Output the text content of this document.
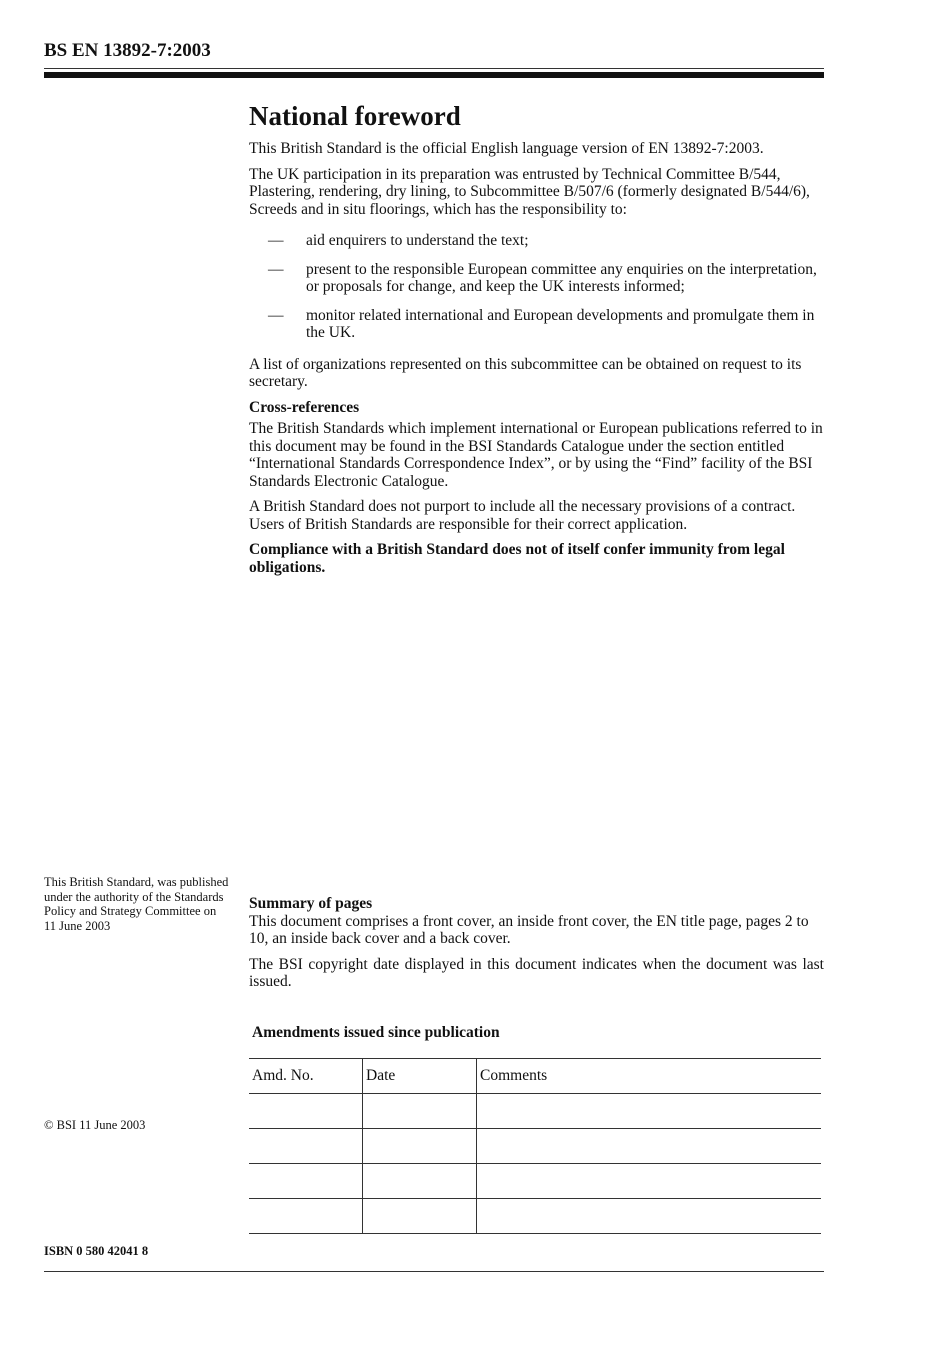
BS EN 13892-7:2003
National foreword

This British Standard is the official English language version of EN 13892-7:2003.

The UK participation in its preparation was entrusted by Technical Committee B/544, Plastering, rendering, dry lining, to Subcommittee B/507/6 (formerly designated B/544/6), Screeds and in situ floorings, which has the responsibility to:

— aid enquirers to understand the text;
— present to the responsible European committee any enquiries on the interpretation, or proposals for change, and keep the UK interests informed;
— monitor related international and European developments and promulgate them in the UK.

A list of organizations represented on this subcommittee can be obtained on request to its secretary.

Cross-references

The British Standards which implement international or European publications referred to in this document may be found in the BSI Standards Catalogue under the section entitled “International Standards Correspondence Index”, or by using the “Find” facility of the BSI Standards Electronic Catalogue.

A British Standard does not purport to include all the necessary provisions of a contract. Users of British Standards are responsible for their correct application.

Compliance with a British Standard does not of itself confer immunity from legal obligations.

This British Standard, was published under the authority of the Standards Policy and Strategy Committee on 11 June 2003

Summary of pages

This document comprises a front cover, an inside front cover, the EN title page, pages 2 to 10, an inside back cover and a back cover.

The BSI copyright date displayed in this document indicates when the document was last issued.

Amendments issued since publication
Amd. No.	Date	Comments

© BSI 11 June 2003
ISBN 0 580 42041 8
